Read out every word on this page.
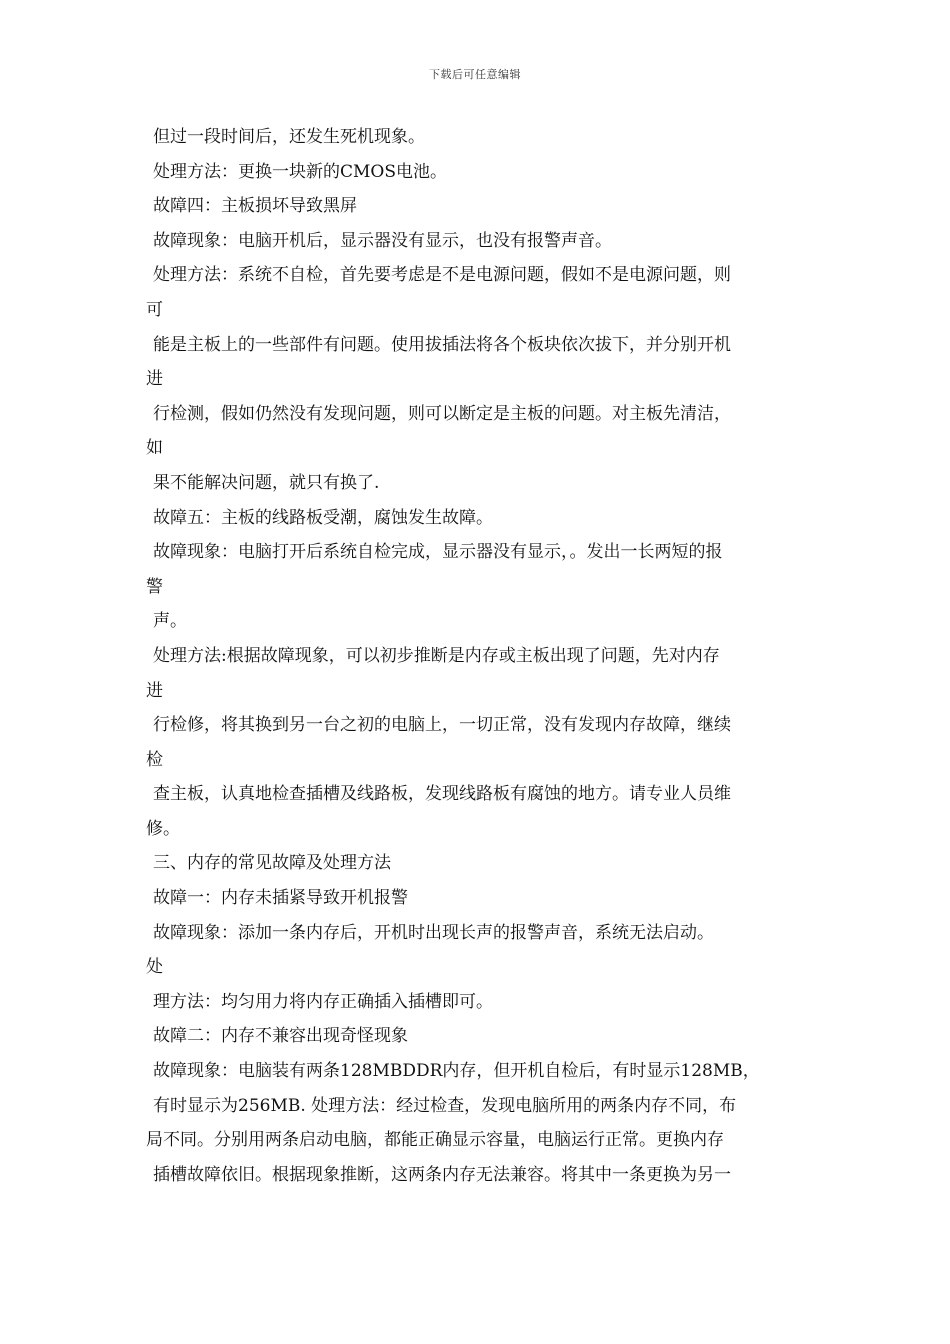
下载后可任意编辑
但过一段时间后，还发生死机现象。
处理方法：更换一块新的CMOS电池。
故障四：主板损坏导致黑屏
故障现象：电脑开机后，显示器没有显示，也没有报警声音。
处理方法：系统不自检，首先要考虑是不是电源问题，假如不是电源问题，则
可
能是主板上的一些部件有问题。使用拔插法将各个板块依次拔下，并分别开机
进
行检测，假如仍然没有发现问题，则可以断定是主板的问题。对主板先清洁，
如
果不能解决问题，就只有换了.
故障五：主板的线路板受潮，腐蚀发生故障。
故障现象：电脑打开后系统自检完成，显示器没有显示，。发出一长两短的报
警
声。
处理方法:根据故障现象，可以初步推断是内存或主板出现了问题，先对内存
进
行检修，将其换到另一台之初的电脑上，一切正常，没有发现内存故障，继续
检
查主板，认真地检查插槽及线路板，发现线路板有腐蚀的地方。请专业人员维
修。
三、内存的常见故障及处理方法
故障一：内存未插紧导致开机报警
故障现象：添加一条内存后，开机时出现长声的报警声音，系统无法启动。
处
理方法：均匀用力将内存正确插入插槽即可。
故障二：内存不兼容出现奇怪现象
故障现象：电脑装有两条128MBDDR内存，但开机自检后，有时显示128MB，
有时显示为256MB. 处理方法：经过检查，发现电脑所用的两条内存不同，布
局不同。分别用两条启动电脑，都能正确显示容量，电脑运行正常。更换内存
插槽故障依旧。根据现象推断，这两条内存无法兼容。将其中一条更换为另一
